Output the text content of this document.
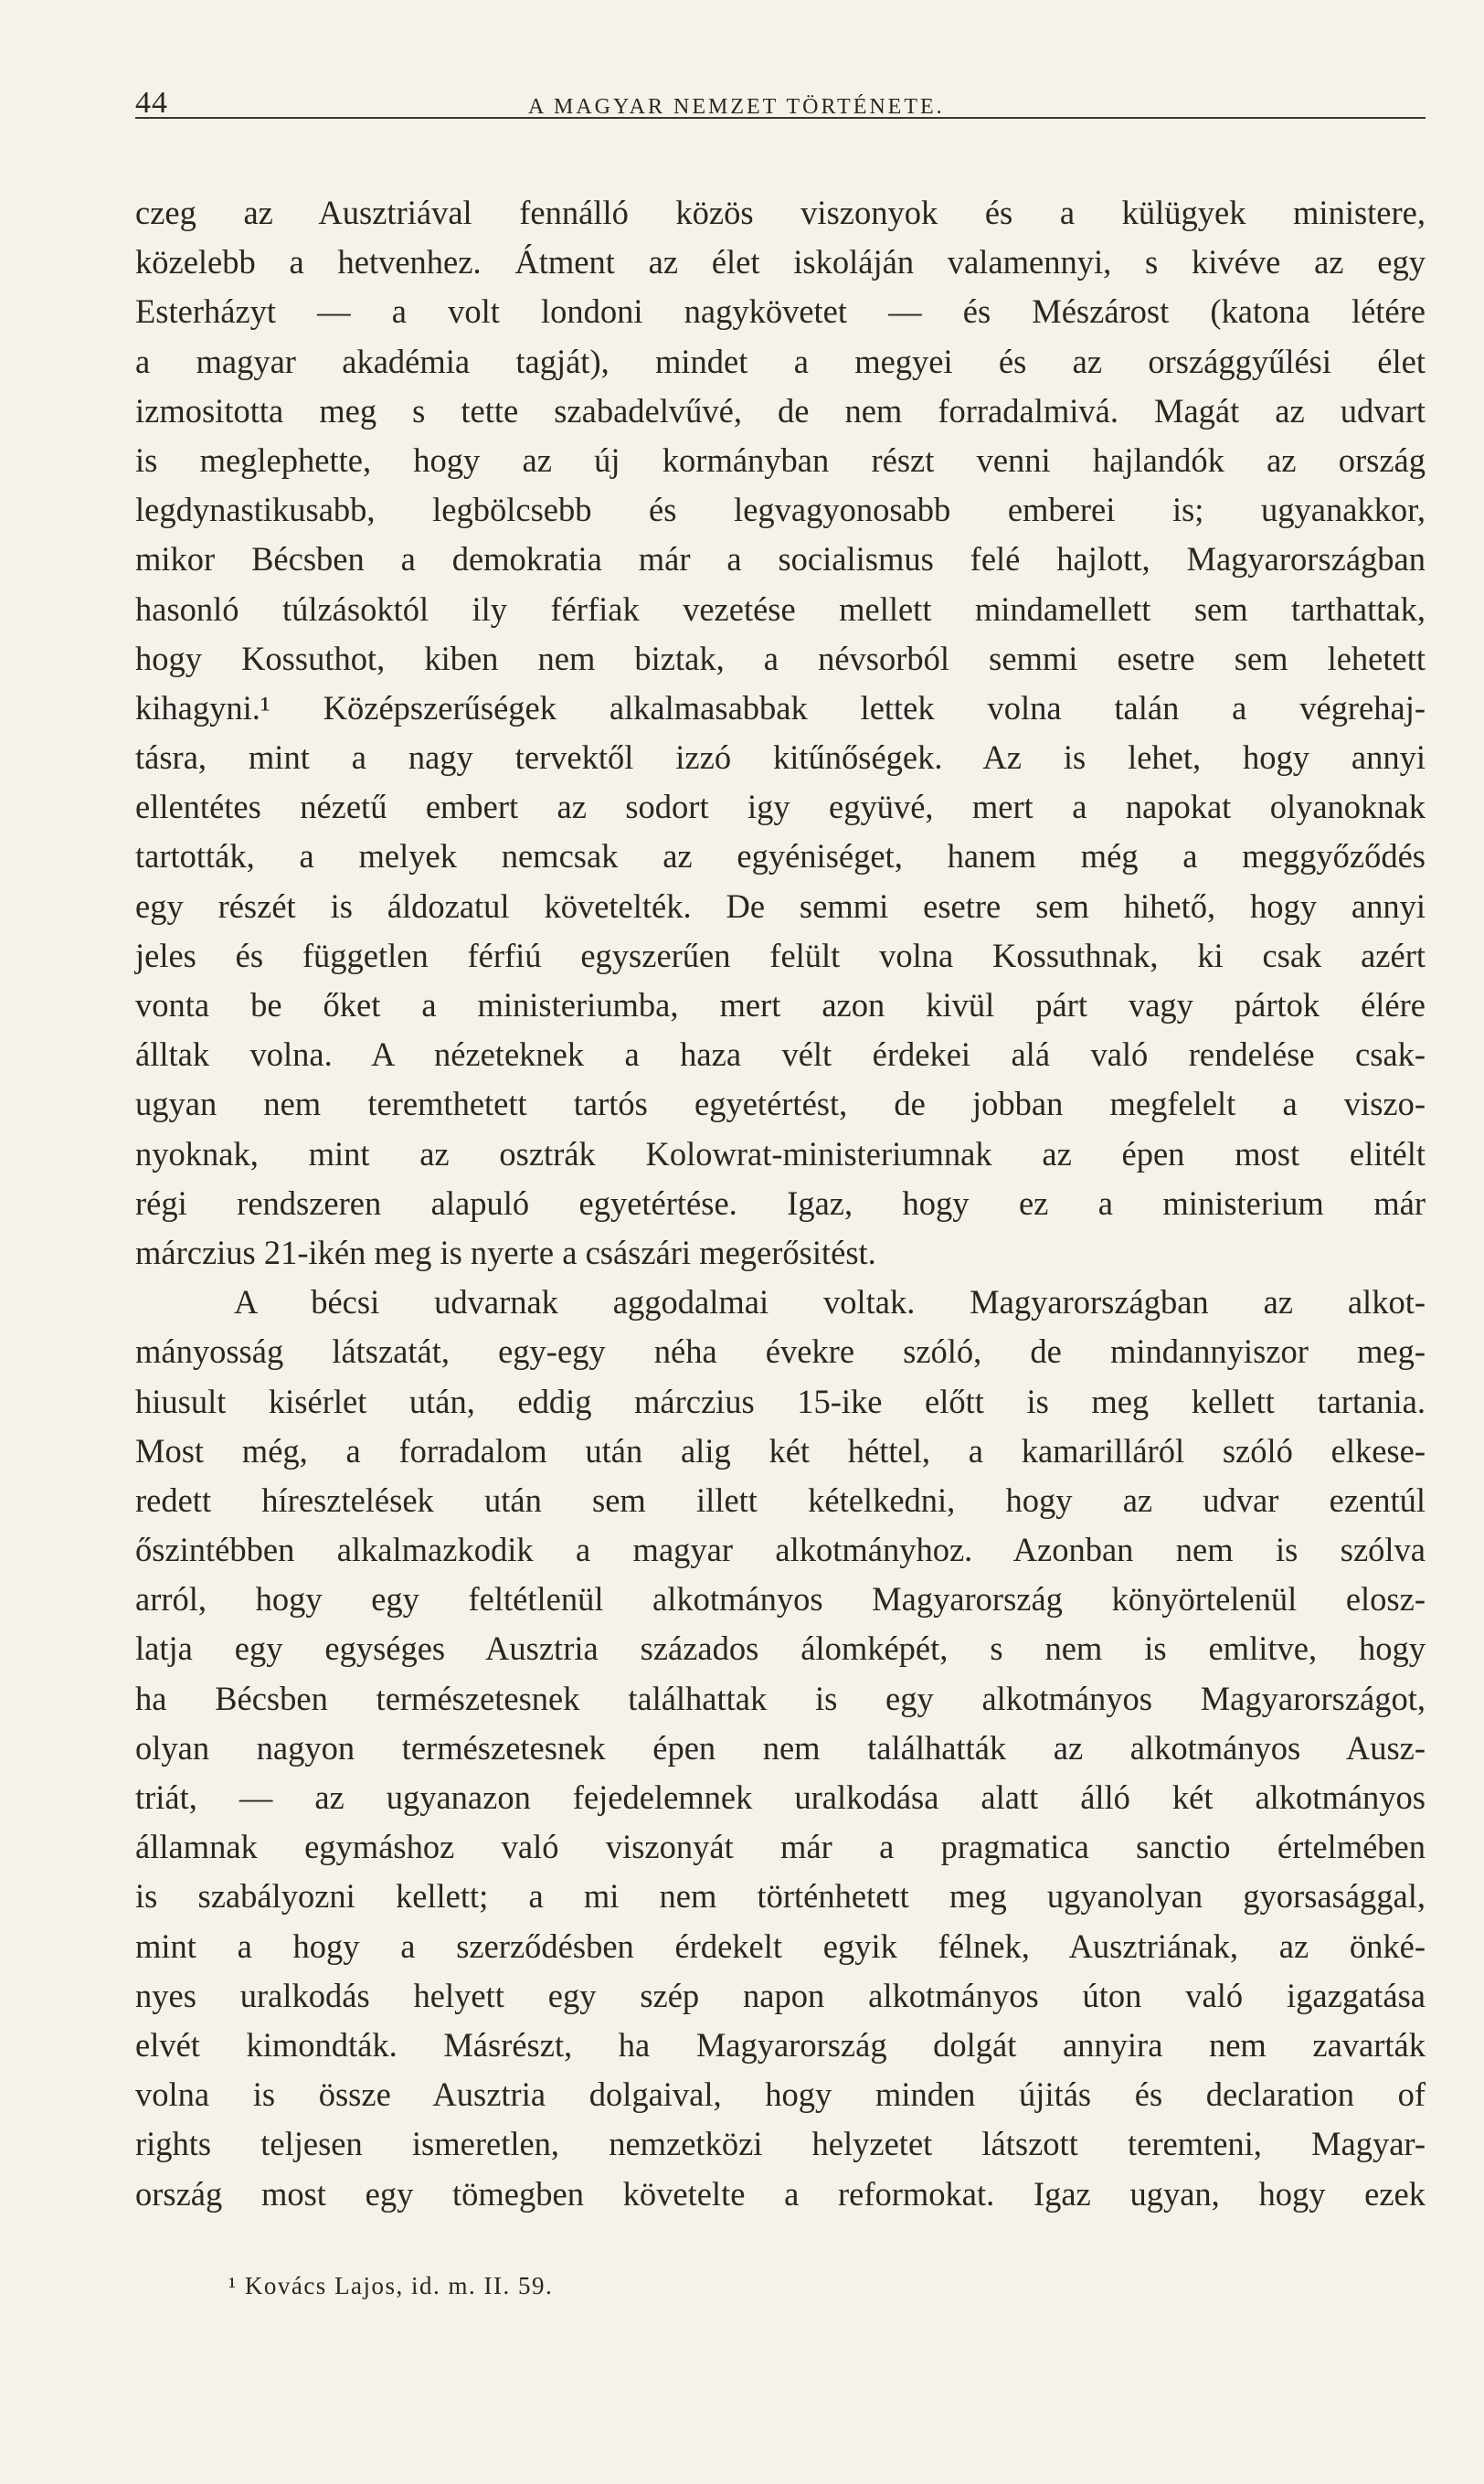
44	A MAGYAR NEMZET TÖRTÉNETE.
czeg az Ausztriával fennálló közös viszonyok és a külügyek ministere,
közelebb a hetvenhez. Átment az élet iskoláján valamennyi, s kivéve az egy
Esterházyt — a volt londoni nagykövetet — és Mészárost (katona létére
a magyar akadémia tagját), mindet a megyei és az országgyűlési élet
izmositotta meg s tette szabadelvűvé, de nem forradalmivá. Magát az udvart
is meglephette, hogy az új kormányban részt venni hajlandók az ország
legdynastikusabb, legbölcsebb és legvagyonosabb emberei is; ugyanakkor,
mikor Bécsben a demokratia már a socialismus felé hajlott, Magyarországban
hasonló túlzásoktól ily férfiak vezetése mellett mindamellett sem tarthattak,
hogy Kossuthot, kiben nem biztak, a névsorból semmi esetre sem lehetett
kihagyni.¹ Középszerűségek alkalmasabbak lettek volna talán a végrehaj-
tásra, mint a nagy tervektől izzó kitűnőségek. Az is lehet, hogy annyi
ellentétes nézetű embert az sodort igy együvé, mert a napokat olyanoknak
tartották, a melyek nemcsak az egyéniséget, hanem még a meggyőződés
egy részét is áldozatul követelték. De semmi esetre sem hihető, hogy annyi
jeles és független férfiú egyszerűen felült volna Kossuthnak, ki csak azért
vonta be őket a ministeriumba, mert azon kivül párt vagy pártok élére
álltak volna. A nézeteknek a haza vélt érdekei alá való rendelése csak-
ugyan nem teremthetett tartós egyetértést, de jobban megfelelt a viszo-
nyoknak, mint az osztrák Kolowrat-ministeriumnak az épen most elitélt
régi rendszeren alapuló egyetértése. Igaz, hogy ez a ministerium már
márczius 21-ikén meg is nyerte a császári megerősitést.
A bécsi udvarnak aggodalmai voltak. Magyarországban az alkot-
mányosság látszatát, egy-egy néha évekre szóló, de mindannyiszor meg-
hiusult kisérlet után, eddig márczius 15-ike előtt is meg kellett tartania.
Most még, a forradalom után alig két héttel, a kamarilláról szóló elkese-
redett híresztelések után sem illett kételkedni, hogy az udvar ezentúl
őszintébben alkalmazkodik a magyar alkotmányhoz. Azonban nem is szólva
arról, hogy egy feltétlenül alkotmányos Magyarország könyörtelenül elosz-
latja egy egységes Ausztria százados álomképét, s nem is emlitve, hogy
ha Bécsben természetesnek találhattak is egy alkotmányos Magyarországot,
olyan nagyon természetesnek épen nem találhatták az alkotmányos Ausz-
triát, — az ugyanazon fejedelemnek uralkodása alatt álló két alkotmányos
államnak egymáshoz való viszonyát már a pragmatica sanctio értelmében
is szabályozni kellett; a mi nem történhetett meg ugyanolyan gyorsasággal,
mint a hogy a szerződésben érdekelt egyik félnek, Ausztriának, az önké-
nyes uralkodás helyett egy szép napon alkotmányos úton való igazgatása
elvét kimondták. Másrészt, ha Magyarország dolgát annyira nem zavarták
volna is össze Ausztria dolgaival, hogy minden újitás és declaration of
rights teljesen ismeretlen, nemzetközi helyzetet látszott teremteni, Magyar-
ország most egy tömegben követelte a reformokat. Igaz ugyan, hogy ezek
¹ Kovács Lajos, id. m. II. 59.
